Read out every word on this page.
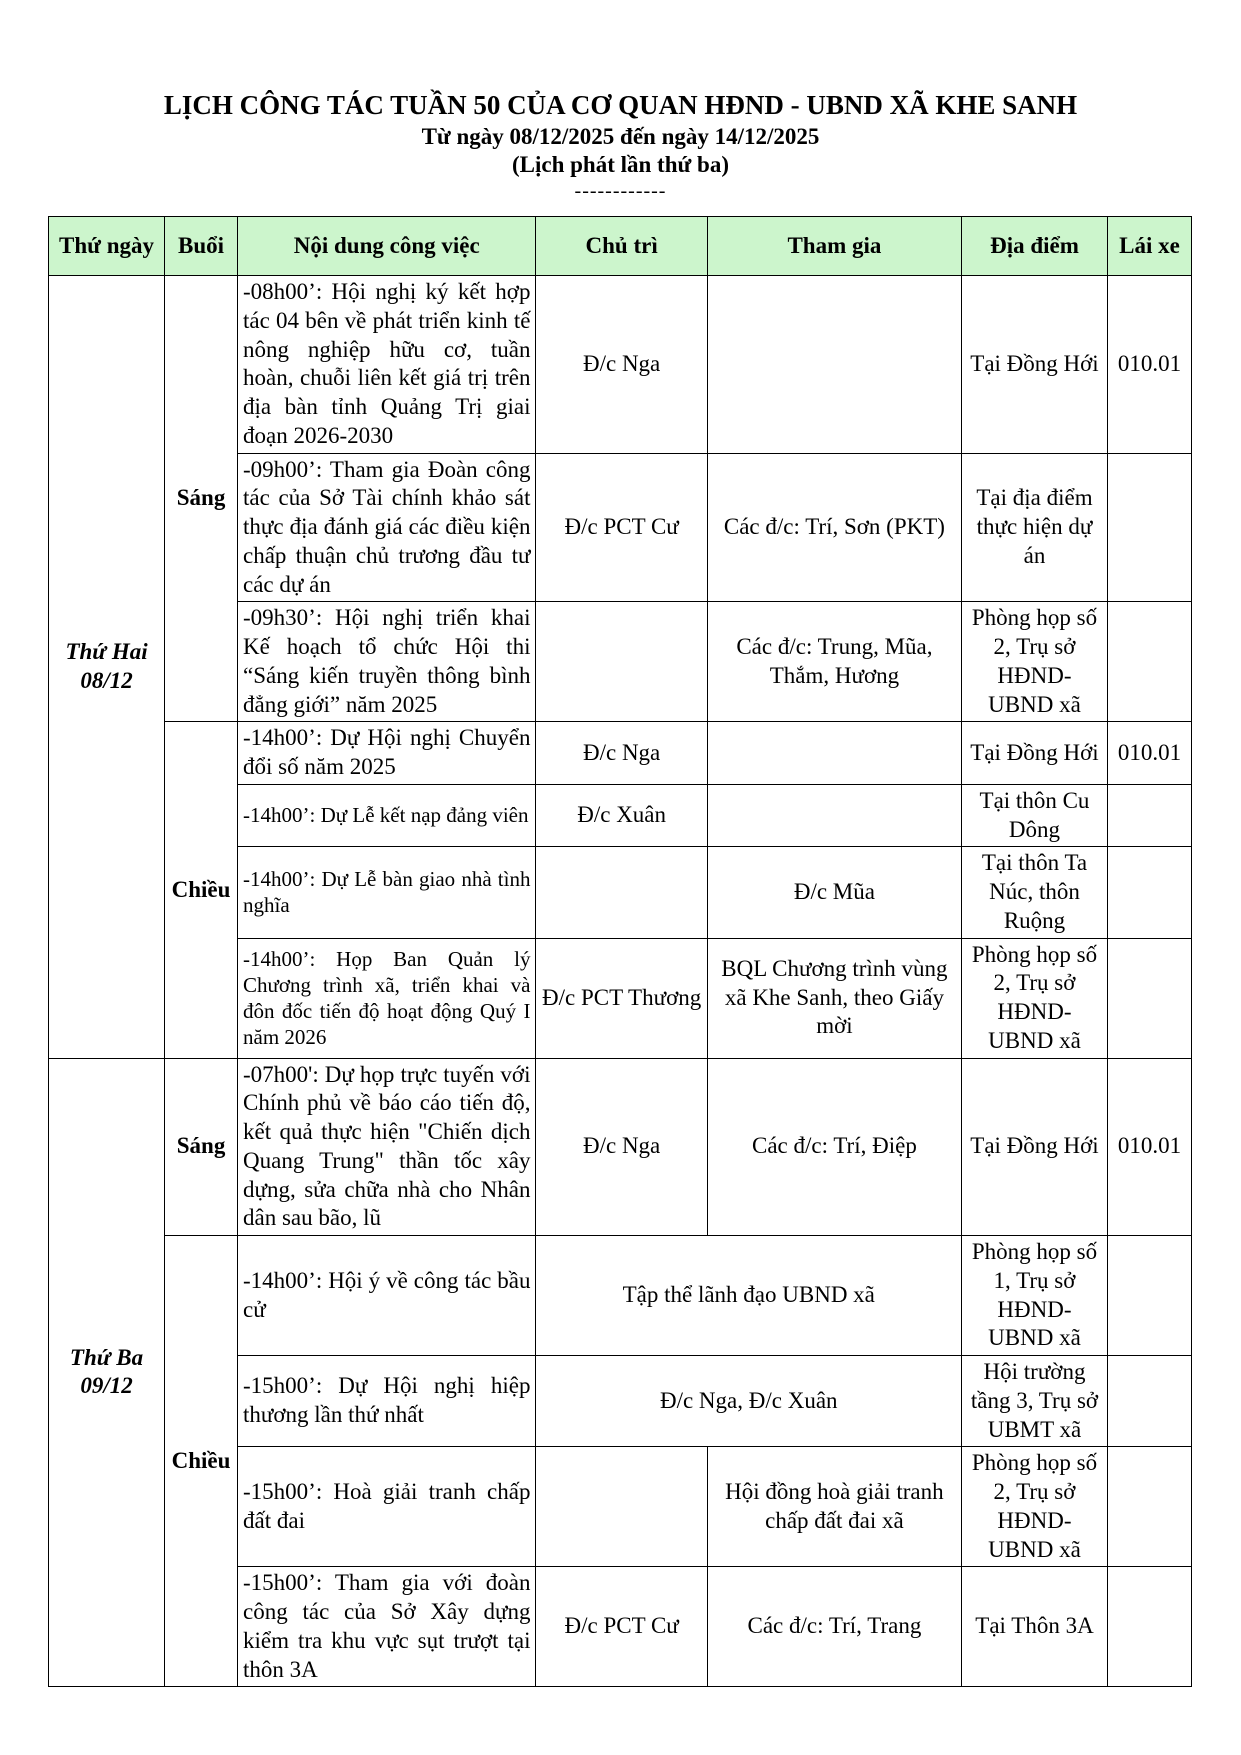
LỊCH CÔNG TÁC TUẦN 50 CỦA CƠ QUAN HĐND - UBND XÃ KHE SANH
Từ ngày 08/12/2025 đến ngày 14/12/2025
(Lịch phát lần thứ ba)
------------
Thứ ngày	Buổi	Nội dung công việc	Chủ trì	Tham gia	Địa điểm	Lái xe
Thứ Hai
08/12	Sáng	-08h00’: Hội nghị ký kết hợp tác 04 bên về phát triển kinh tế nông nghiệp hữu cơ, tuần hoàn, chuỗi liên kết giá trị trên địa bàn tỉnh Quảng Trị giai đoạn 2026-2030	Đ/c Nga		Tại Đồng Hới	010.01
		-09h00’: Tham gia Đoàn công tác của Sở Tài chính khảo sát thực địa đánh giá các điều kiện chấp thuận chủ trương đầu tư các dự án	Đ/c PCT Cư	Các đ/c: Trí, Sơn (PKT)	Tại địa điểm thực hiện dự án	
		-09h30’: Hội nghị triển khai Kế hoạch tổ chức Hội thi “Sáng kiến truyền thông bình đẳng giới” năm 2025		Các đ/c: Trung, Mũa, Thắm, Hương	Phòng họp số 2, Trụ sở HĐND-UBND xã	
	Chiều	-14h00’: Dự Hội nghị Chuyển đổi số năm 2025	Đ/c Nga		Tại Đồng Hới	010.01
		-14h00’: Dự Lễ kết nạp đảng viên	Đ/c Xuân		Tại thôn Cu Dông	
		-14h00’: Dự Lễ bàn giao nhà tình nghĩa		Đ/c Mũa	Tại thôn Ta Núc, thôn Ruộng	
		-14h00’: Họp Ban Quản lý Chương trình xã, triển khai và đôn đốc tiến độ hoạt động Quý I năm 2026	Đ/c PCT Thương	BQL Chương trình vùng xã Khe Sanh, theo Giấy mời	Phòng họp số 2, Trụ sở HĐND-UBND xã	
Thứ Ba
09/12	Sáng	-07h00': Dự họp trực tuyến với Chính phủ về báo cáo tiến độ, kết quả thực hiện "Chiến dịch Quang Trung" thần tốc xây dựng, sửa chữa nhà cho Nhân dân sau bão, lũ	Đ/c Nga	Các đ/c: Trí, Điệp	Tại Đồng Hới	010.01
	Chiều	-14h00’: Hội ý về công tác bầu cử	Tập thể lãnh đạo UBND xã		Phòng họp số 1, Trụ sở HĐND-UBND xã	
		-15h00’: Dự Hội nghị hiệp thương lần thứ nhất	Đ/c Nga, Đ/c Xuân		Hội trường tầng 3, Trụ sở UBMT xã	
		-15h00’: Hoà giải tranh chấp đất đai		Hội đồng hoà giải tranh chấp đất đai xã	Phòng họp số 2, Trụ sở HĐND-UBND xã	
		-15h00’: Tham gia với đoàn công tác của Sở Xây dựng kiểm tra khu vực sụt trượt tại thôn 3A	Đ/c PCT Cư	Các đ/c: Trí, Trang	Tại Thôn 3A	
